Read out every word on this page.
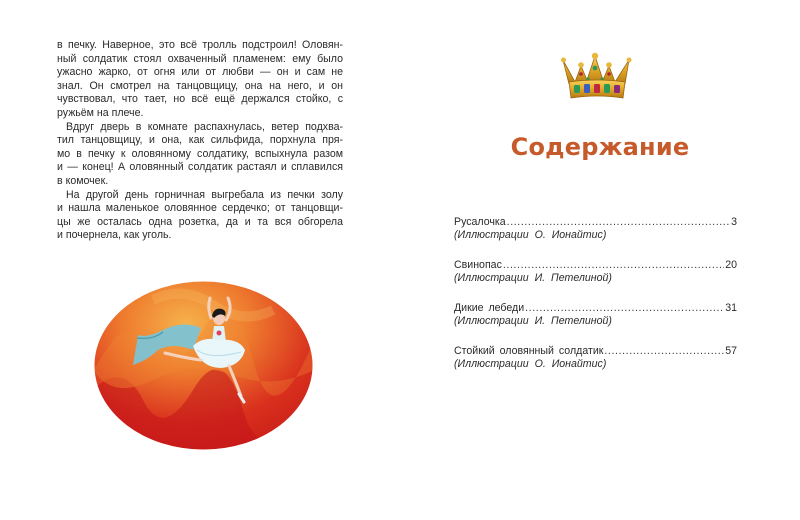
в печку. Наверное, это всё тролль подстроил! Оловян-
ный солдатик стоял охваченный пламенем: ему было
ужасно жарко, от огня или от любви — он и сам не
знал. Он смотрел на танцовщицу, она на него, и он
чувствовал, что тает, но всё ещё держался стойко, с
ружьём на плече.

Вдруг дверь в комнате распахнулась, ветер подхва-
тил танцовщицу, и она, как сильфида, порхнула пря-
мо в печку к оловянному солдатику, вспыхнула разом
и — конец! А оловянный солдатик растаял и сплавился
в комочек.

На другой день горничная выгребала из печки золу
и нашла маленькое оловянное сердечко; от танцовщи-
цы же осталась одна розетка, да и та вся обгорела
и почернела, как уголь.

Содержание
Русалочка .....	3
(Иллюстрации О. Ионайтис)
Свинопас .....	20
(Иллюстрации И. Петелиной)
Дикие лебеди .....	31
(Иллюстрации И. Петелиной)
Стойкий оловянный солдатик .....	57
(Иллюстрации О. Ионайтис)
